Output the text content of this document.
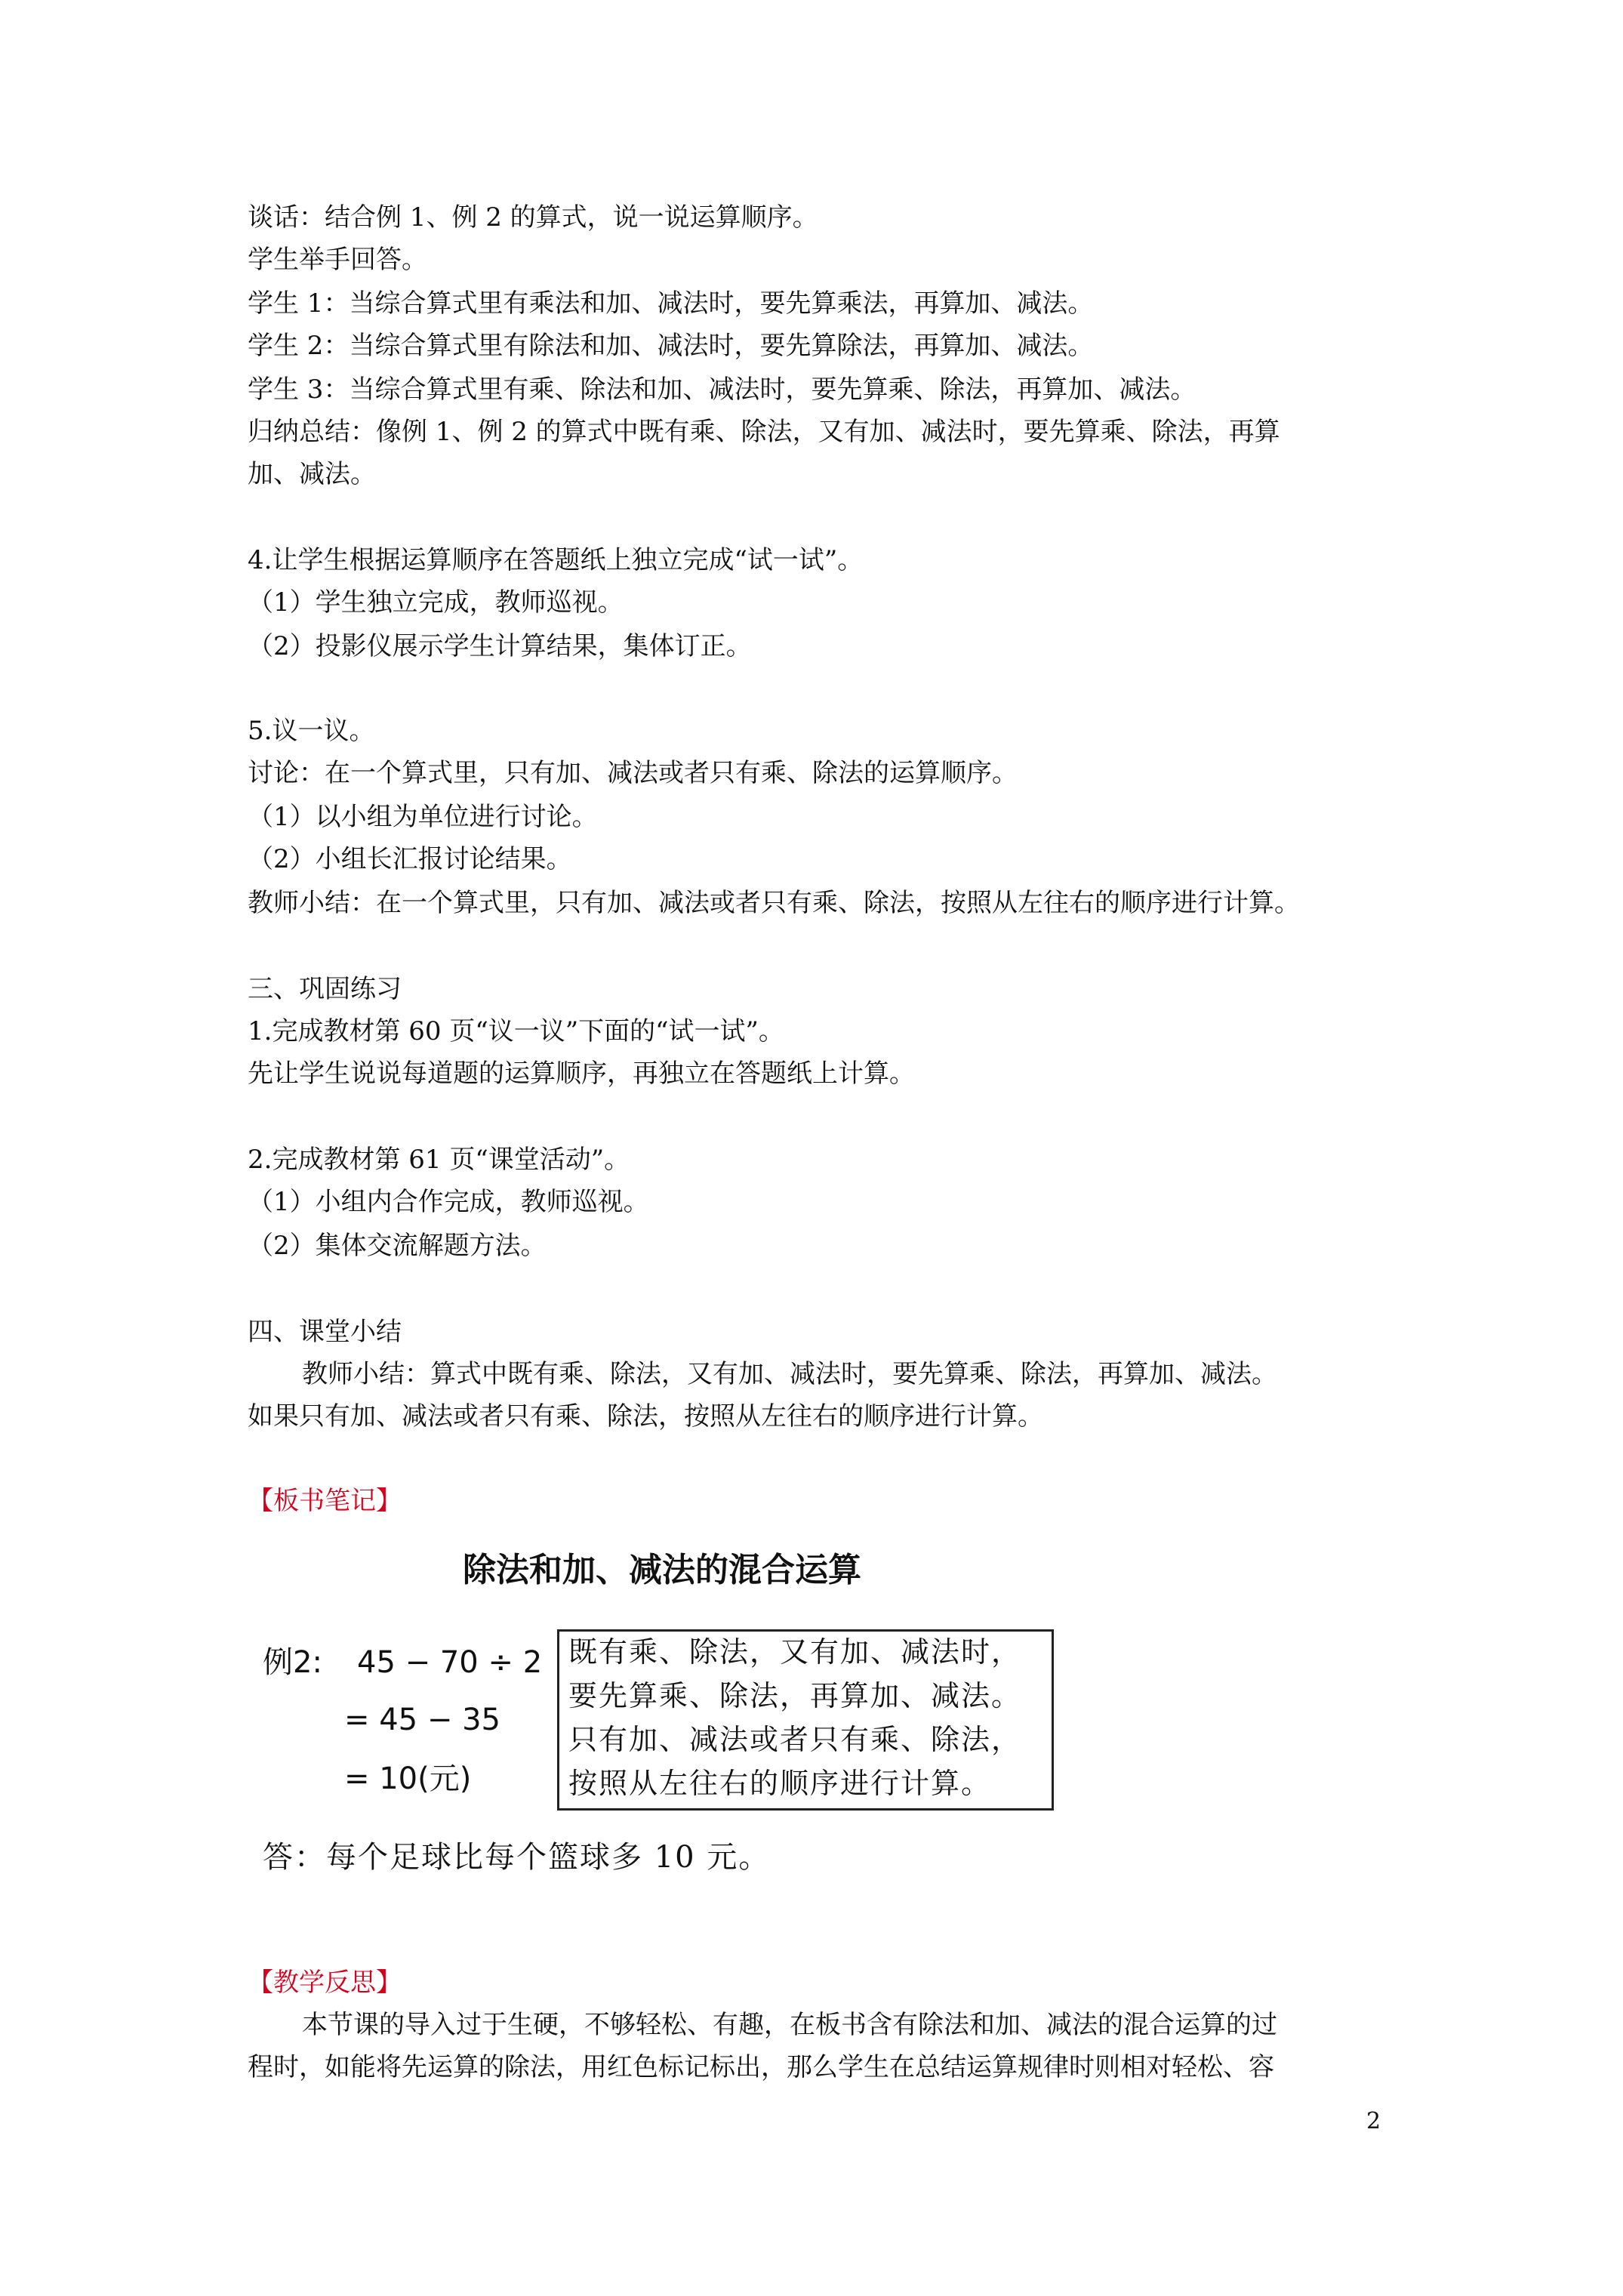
谈话：结合例 1、例 2 的算式，说一说运算顺序。
学生举手回答。
学生 1：当综合算式里有乘法和加、减法时，要先算乘法，再算加、减法。
学生 2：当综合算式里有除法和加、减法时，要先算除法，再算加、减法。
学生 3：当综合算式里有乘、除法和加、减法时，要先算乘、除法，再算加、减法。
归纳总结：像例 1、例 2 的算式中既有乘、除法，又有加、减法时，要先算乘、除法，再算
加、减法。
4.让学生根据运算顺序在答题纸上独立完成“试一试”。
（1）学生独立完成，教师巡视。
（2）投影仪展示学生计算结果，集体订正。
5.议一议。
讨论：在一个算式里，只有加、减法或者只有乘、除法的运算顺序。
（1）以小组为单位进行讨论。
（2）小组长汇报讨论结果。
教师小结：在一个算式里，只有加、减法或者只有乘、除法，按照从左往右的顺序进行计算。
三、巩固练习
1.完成教材第 60 页“议一议”下面的“试一试”。
先让学生说说每道题的运算顺序，再独立在答题纸上计算。
2.完成教材第 61 页“课堂活动”。
（1）小组内合作完成，教师巡视。
（2）集体交流解题方法。
四、课堂小结
教师小结：算式中既有乘、除法，又有加、减法时，要先算乘、除法，再算加、减法。
如果只有加、减法或者只有乘、除法，按照从左往右的顺序进行计算。
【板书笔记】
除法和加、减法的混合运算
例2: 45 − 70 ÷ 2
= 45 − 35
= 10(元)
既有乘、除法，又有加、减法时，
要先算乘、除法，再算加、减法。
只有加、减法或者只有乘、除法，
按照从左往右的顺序进行计算。
答：每个足球比每个篮球多 10 元。
【教学反思】
本节课的导入过于生硬，不够轻松、有趣，在板书含有除法和加、减法的混合运算的过
程时，如能将先运算的除法，用红色标记标出，那么学生在总结运算规律时则相对轻松、容
2
